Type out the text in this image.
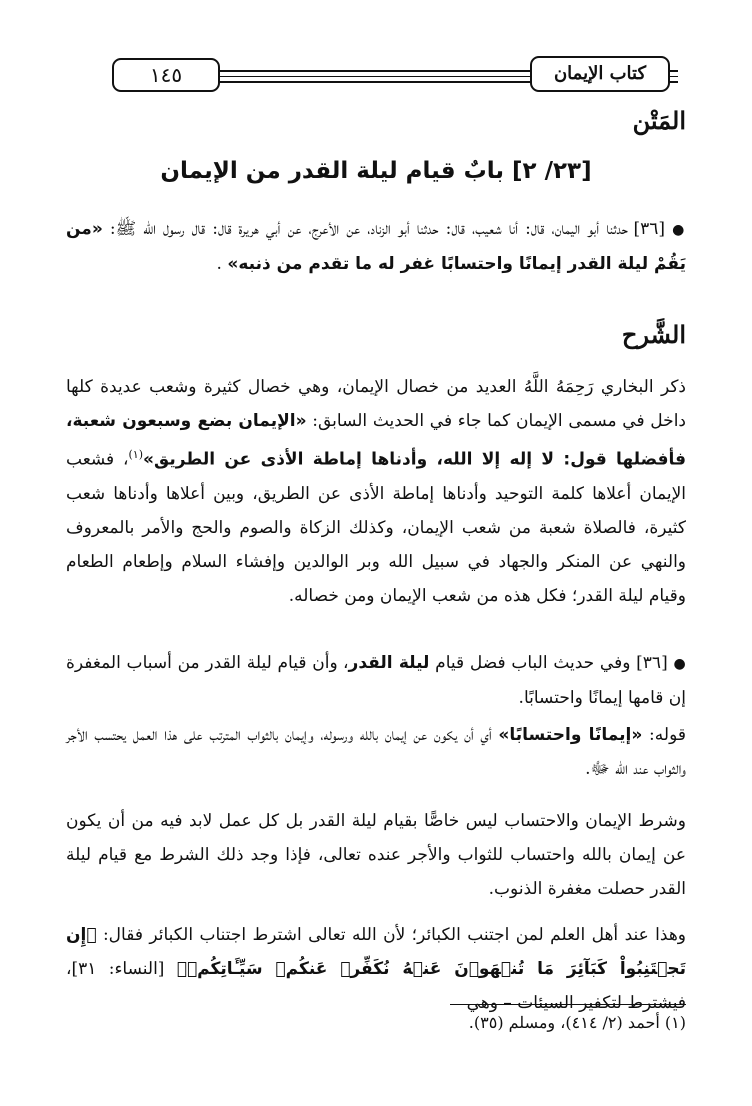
كتاب الإيمان
١٤٥
المَتْن
[٢٣/ ٢] بابٌ قيام ليلة القدر من الإيمان
● [٣٦] حدثنا أبو اليمان، قال: أنا شعيب، قال: حدثنا أبو الزناد، عن الأعرج، عن أبي هريرة قال: قال رسول الله ﷺ: «من يَقُمْ ليلة القدر إيمانًا واحتسابًا غفر له ما تقدم من ذنبه» .
الشَّرح
ذكر البخاري رَحِمَهُ اللَّهُ العديد من خصال الإيمان، وهي خصال كثيرة وشعب عديدة كلها داخل في مسمى الإيمان كما جاء في الحديث السابق: «الإيمان بضع وسبعون شعبة، فأفضلها قول: لا إله إلا الله، وأدناها إماطة الأذى عن الطريق»$^{(١)}$، فشعب الإيمان أعلاها كلمة التوحيد وأدناها إماطة الأذى عن الطريق، وبين أعلاها وأدناها شعب كثيرة، فالصلاة شعبة من شعب الإيمان، وكذلك الزكاة والصوم والحج والأمر بالمعروف والنهي عن المنكر والجهاد في سبيل الله وبر الوالدين وإفشاء السلام وإطعام الطعام وقيام ليلة القدر؛ فكل هذه من شعب الإيمان ومن خصاله.
● [٣٦] وفي حديث الباب فضل قيام ليلة القدر، وأن قيام ليلة القدر من أسباب المغفرة إن قامها إيمانًا واحتسابًا.
قوله: «إيمانًا واحتسابًا» أي أن يكون عن إيمان بالله ورسوله، وإيمان بالثواب المترتب على هذا العمل يحتسب الأجر والثواب عند الله ﷻ.
وشرط الإيمان والاحتساب ليس خاصًّا بقيام ليلة القدر بل كل عمل لابد فيه من أن يكون عن إيمان بالله واحتساب للثواب والأجر عنده تعالى، فإذا وجد ذلك الشرط مع قيام ليلة القدر حصلت مغفرة الذنوب.
وهذا عند أهل العلم لمن اجتنب الكبائر؛ لأن الله تعالى اشترط اجتناب الكبائر فقال: ﴿إِن تَجۡتَنِبُواْ كَبَآئِرَ مَا تُنۡهَوۡنَ عَنۡهُ نُكَفِّرۡ عَنكُمۡ سَيِّـَٔاتِكُمۡ﴾ [النساء: ٣١]، فيشترط لتكفير السيئات – وهي
(١) أحمد (٢/ ٤١٤)، ومسلم (٣٥).
